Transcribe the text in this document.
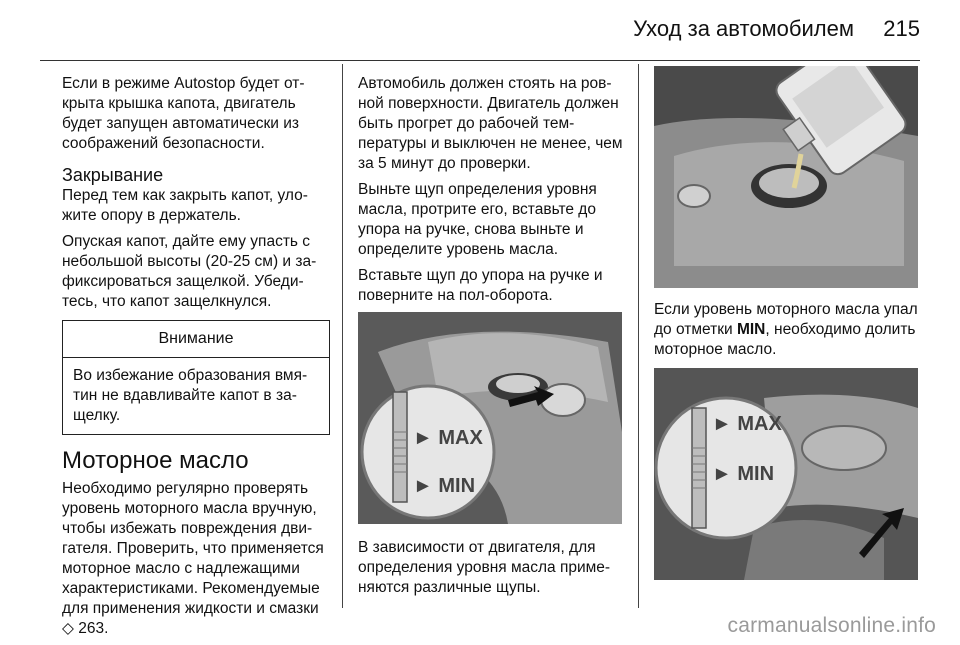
Уход за автомобилем 215

Если в режиме Autostop будет открыта крышка капота, двигатель будет запущен автоматически из соображений безопасности.

Закрывание

Перед тем как закрыть капот, уложите опору в держатель.

Опуская капот, дайте ему упасть с небольшой высоты (20-25 см) и зафиксироваться защелкой. Убедитесь, что капот защелкнулся.

Внимание
Во избежание образования вмятин не вдавливайте капот в защелку.
Моторное масло

Необходимо регулярно проверять уровень моторного масла вручную, чтобы избежать повреждения двигателя. Проверить, что применяется моторное масло с надлежащими характеристиками. Рекомендуемые для применения жидкости и смазки ◇ 263.

Автомобиль должен стоять на ровной поверхности. Двигатель должен быть прогрет до рабочей температуры и выключен не менее, чем за 5 минут до проверки.

Выньте щуп определения уровня масла, протрите его, вставьте до упора на ручке, снова выньте и определите уровень масла.

Вставьте щуп до упора на ручке и поверните на пол-оборота.

► MAX
► MIN

В зависимости от двигателя, для определения уровня масла применяются различные щупы.

Если уровень моторного масла упал до отметки MIN, необходимо долить моторное масло.

► MAX
► MIN
carmanualsonline.info
